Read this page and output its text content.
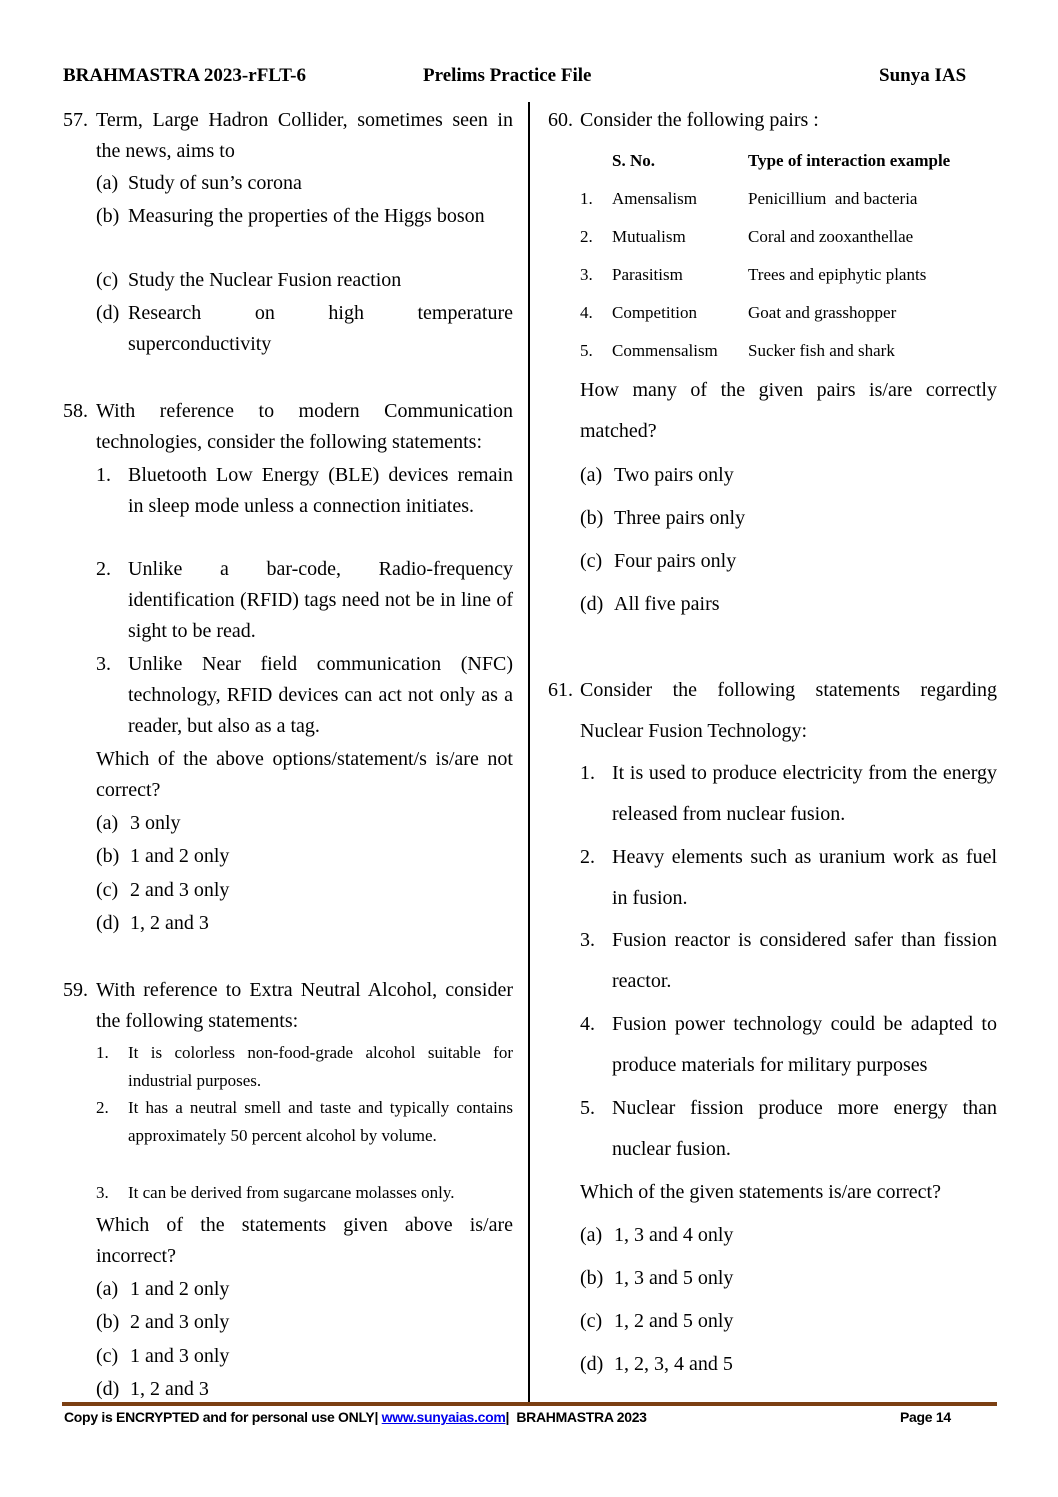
BRAHMASTRA 2023-rFLT-6	Prelims Practice File	Sunya IAS
57. Term, Large Hadron Collider, sometimes seen in the news, aims to
(a) Study of sun’s corona
(b) Measuring the properties of the Higgs boson
(c) Study the Nuclear Fusion reaction
(d) Research on high temperature superconductivity
58. With reference to modern Communication technologies, consider the following statements:
1. Bluetooth Low Energy (BLE) devices remain in sleep mode unless a connection initiates.
2. Unlike a bar-code, Radio-frequency identification (RFID) tags need not be in line of sight to be read.
3. Unlike Near field communication (NFC) technology, RFID devices can act not only as a reader, but also as a tag.
Which of the above options/statement/s is/are not correct?
(a) 3 only
(b) 1 and 2 only
(c) 2 and 3 only
(d) 1, 2 and 3
59. With reference to Extra Neutral Alcohol, consider the following statements:
1. It is colorless non-food-grade alcohol suitable for industrial purposes.
2. It has a neutral smell and taste and typically contains approximately 50 percent alcohol by volume.
3. It can be derived from sugarcane molasses only.
Which of the statements given above is/are incorrect?
(a) 1 and 2 only
(b) 2 and 3 only
(c) 1 and 3 only
(d) 1, 2 and 3
60. Consider the following pairs :
S. No.	Type of interaction example
1. Amensalism	Penicillium  and bacteria
2. Mutualism	Coral and zooxanthellae
3. Parasitism	Trees and epiphytic plants
4. Competition	Goat and grasshopper
5. Commensalism Sucker fish and shark
How many of the given pairs is/are correctly matched?
(a) Two pairs only
(b) Three pairs only
(c) Four pairs only
(d) All five pairs
61. Consider the following statements regarding Nuclear Fusion Technology:
1. It is used to produce electricity from the energy released from nuclear fusion.
2. Heavy elements such as uranium work as fuel in fusion.
3. Fusion reactor is considered safer than fission reactor.
4. Fusion power technology could be adapted to produce materials for military purposes
5. Nuclear fission produce more energy than nuclear fusion.
Which of the given statements is/are correct?
(a) 1, 3 and 4 only
(b) 1, 3 and 5 only
(c) 1, 2 and 5 only
(d) 1, 2, 3, 4 and 5
Copy is ENCRYPTED and for personal use ONLY| www.sunyaias.com| BRAHMASTRA 2023	Page 14
